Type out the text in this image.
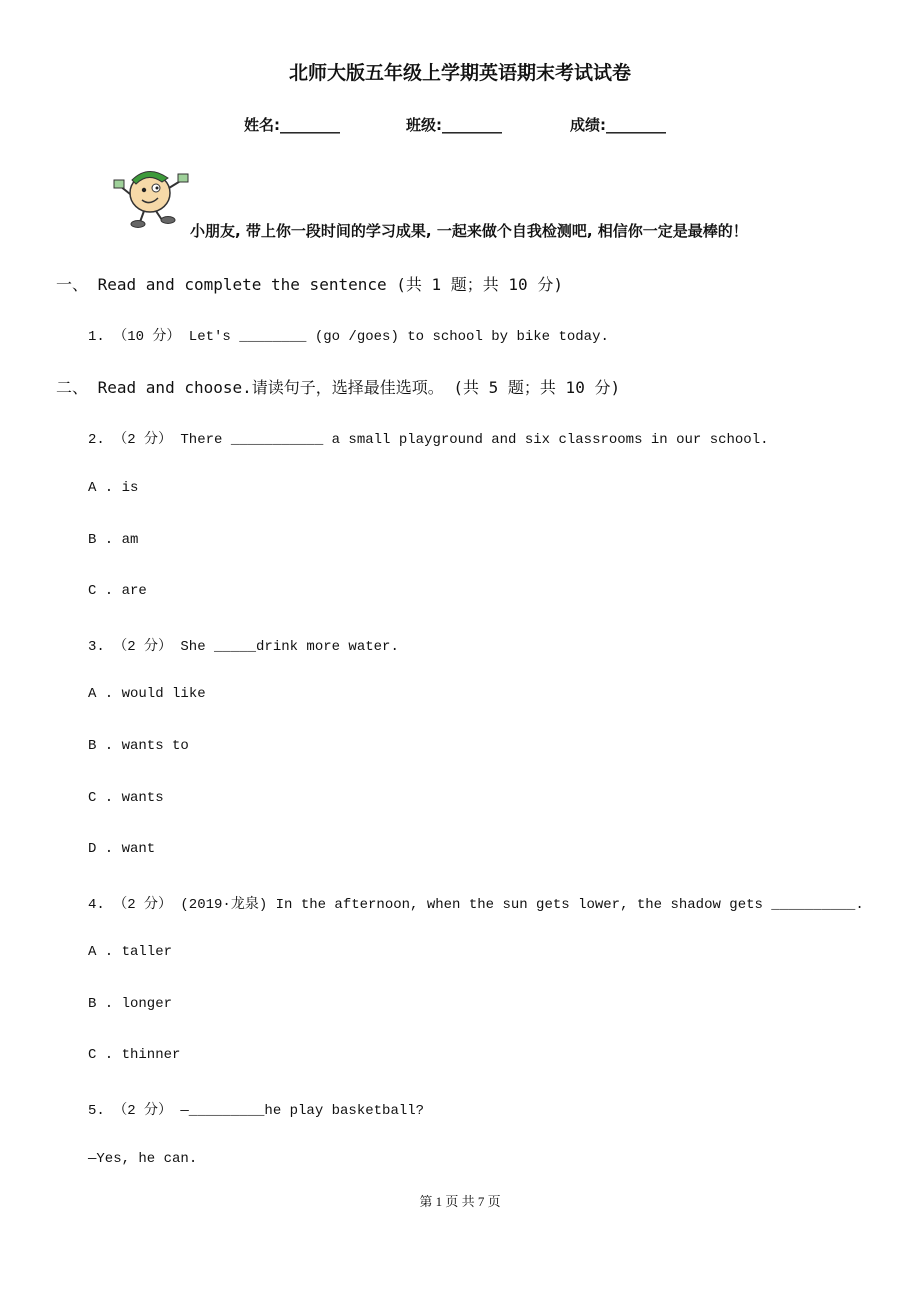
北师大版五年级上学期英语期末考试试卷
姓名:________	班级:________	成绩:________
小朋友, 带上你一段时间的学习成果, 一起来做个自我检测吧, 相信你一定是最棒的！
一、 Read and complete the sentence (共 1 题；共 10 分)
1. （10 分） Let's ________ (go /goes) to school by bike today.
二、 Read and choose.请读句子，选择最佳选项。 (共 5 题；共 10 分)
2. （2 分） There ___________ a small playground and six classrooms in our school.
A . is
B . am
C . are
3. （2 分） She _____drink more water.
A . would like
B . wants to
C . wants
D . want
4. （2 分） (2019·龙泉) In the afternoon, when the sun gets lower, the shadow gets __________.
A . taller
B . longer
C . thinner
5. （2 分） —_________he play basketball?
—Yes, he can.
第 1 页 共 7 页
